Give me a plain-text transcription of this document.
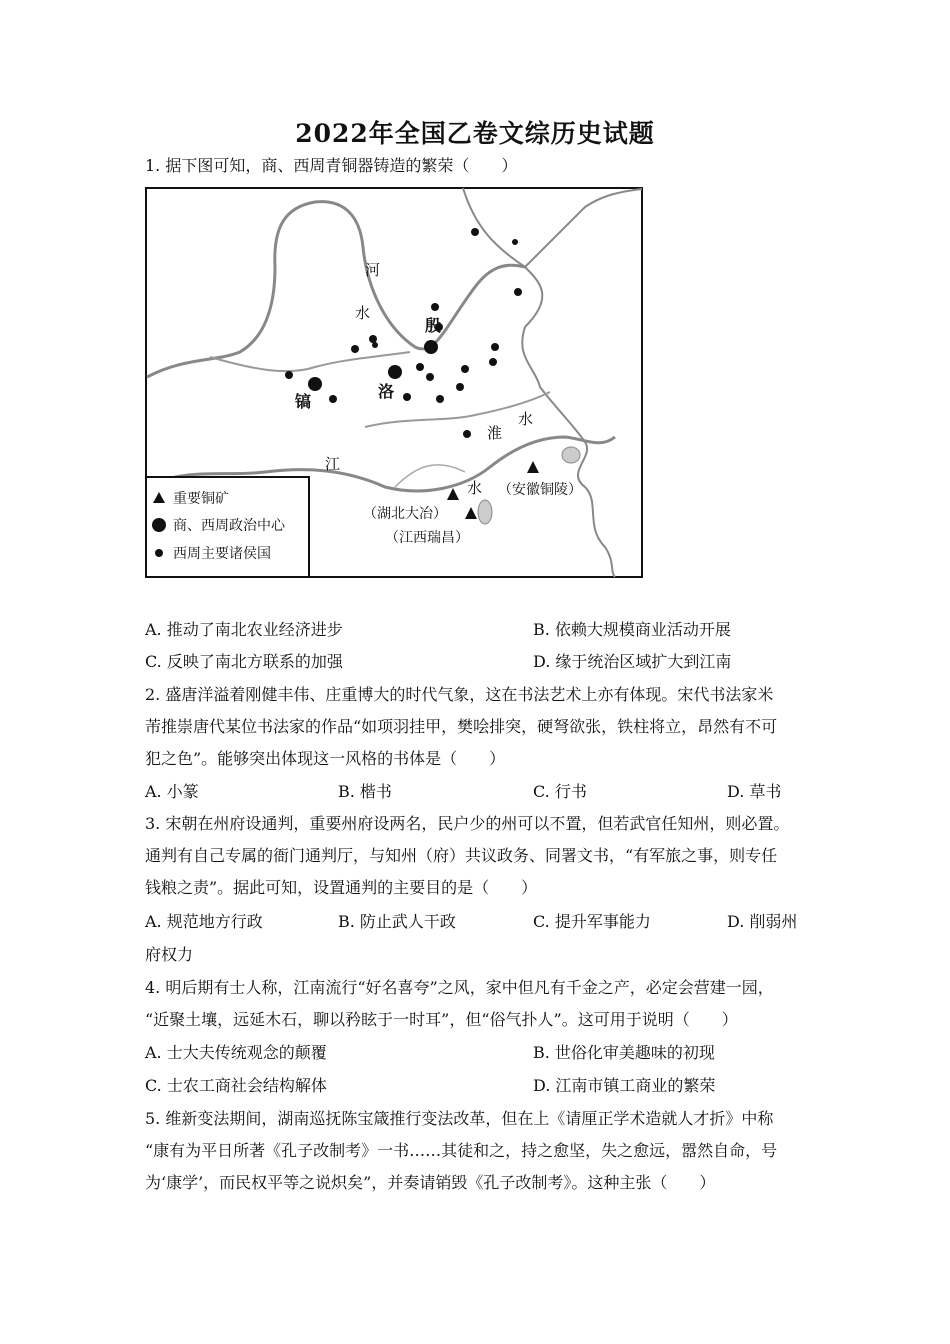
2022年全国乙卷文综历史试题
1. 据下图可知，商、西周青铜器铸造的繁荣（　　）
殷
镐
洛
河
水
淮
水
江
水
（湖北大冶）
（江西瑞昌）
（安徽铜陵）
重要铜矿
商、西周政治中心
西周主要诸侯国
A. 推动了南北农业经济进步	B. 依赖大规模商业活动开展
C. 反映了南北方联系的加强	D. 缘于统治区域扩大到江南
2. 盛唐洋溢着刚健丰伟、庄重博大的时代气象，这在书法艺术上亦有体现。宋代书法家米
芾推崇唐代某位书法家的作品“如项羽挂甲，樊哙排突，硬弩欲张，铁柱将立，昂然有不可
犯之色”。能够突出体现这一风格的书体是（　　）
A. 小篆	B. 楷书	C. 行书	D. 草书
3. 宋朝在州府设通判，重要州府设两名，民户少的州可以不置，但若武官任知州，则必置。
通判有自己专属的衙门通判厅，与知州（府）共议政务、同署文书，“有军旅之事，则专任
钱粮之责”。据此可知，设置通判的主要目的是（　　）
A. 规范地方行政	B. 防止武人干政	C. 提升军事能力	D. 削弱州
府权力
4. 明后期有士人称，江南流行“好名喜夸”之风，家中但凡有千金之产，必定会营建一园，
“近聚土壤，远延木石，聊以矜眩于一时耳”，但“俗气扑人”。这可用于说明（　　）
A. 士大夫传统观念的颠覆	B. 世俗化审美趣味的初现
C. 士农工商社会结构解体	D. 江南市镇工商业的繁荣
5. 维新变法期间，湖南巡抚陈宝箴推行变法改革，但在上《请厘正学术造就人才折》中称
“康有为平日所著《孔子改制考》一书……其徒和之，持之愈坚，失之愈远，嚣然自命，号
为‘康学’，而民权平等之说炽矣”，并奏请销毁《孔子改制考》。这种主张（　　）
